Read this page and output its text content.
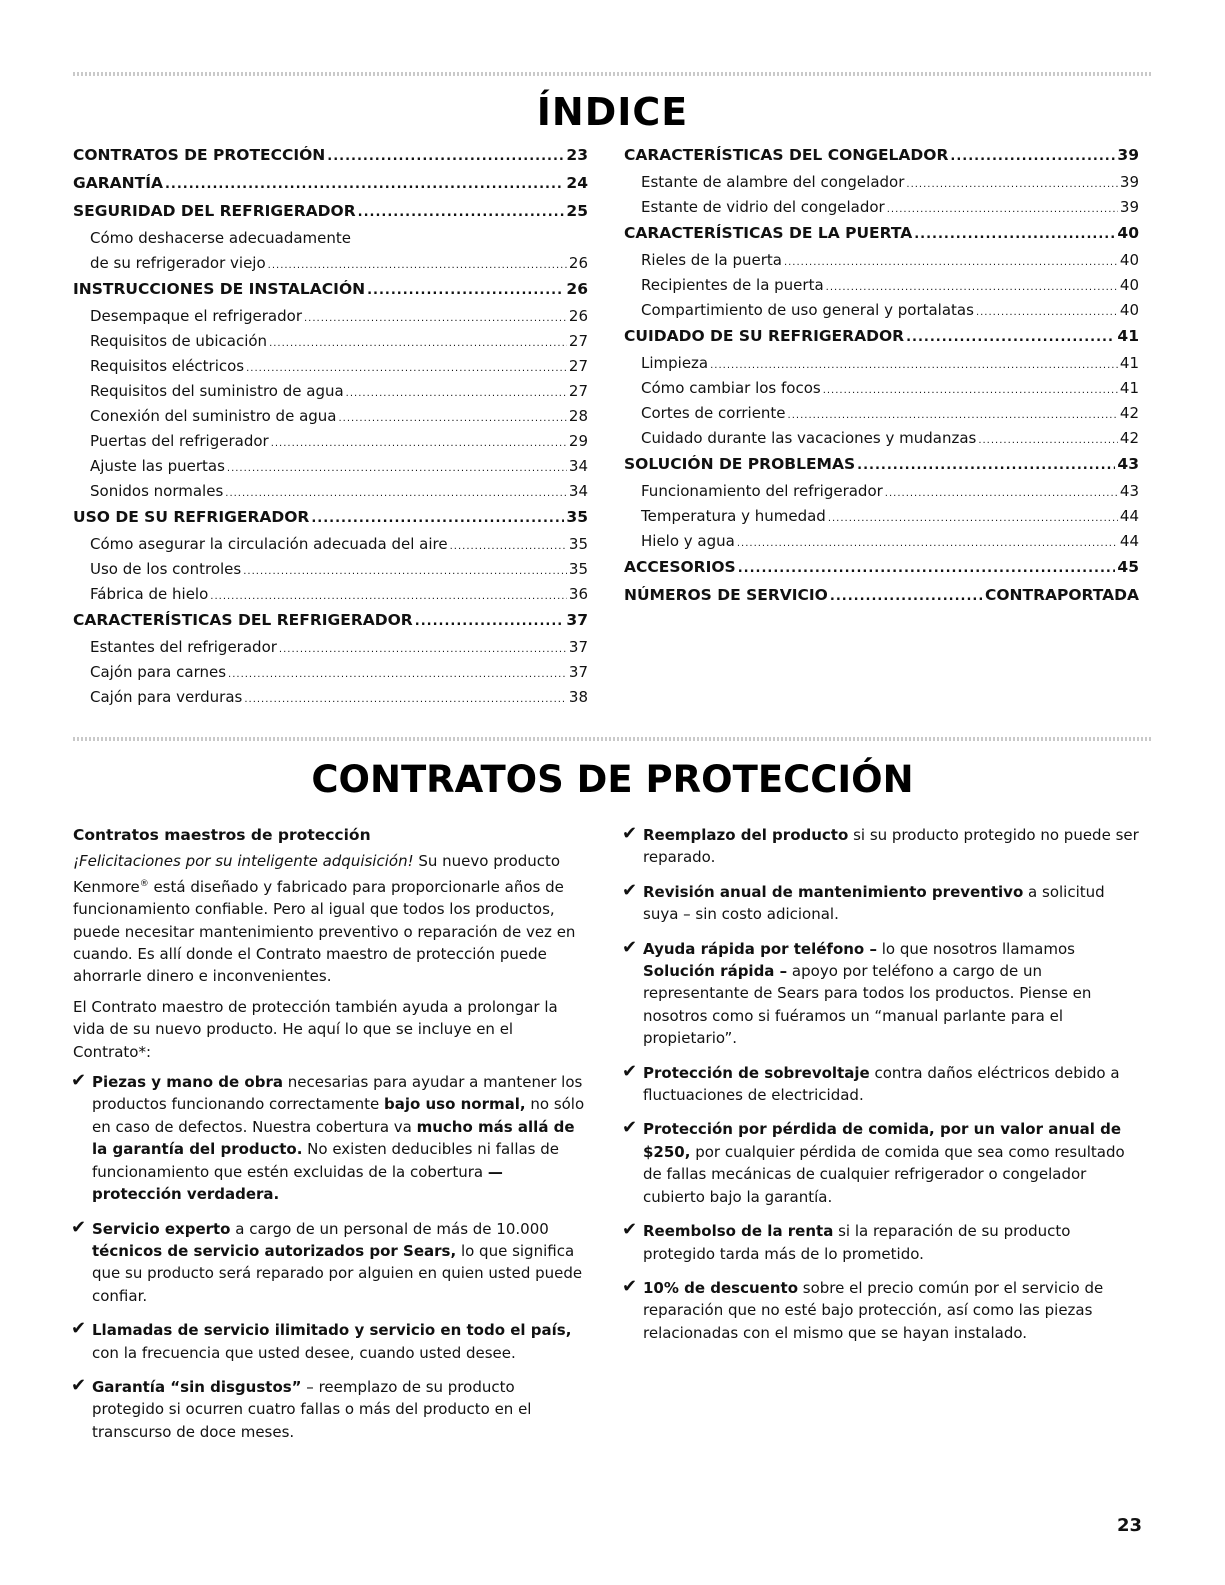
ÍNDICE
CONTRATOS DE PROTECCIÓN .....	23
GARANTÍA .....	24
SEGURIDAD DEL REFRIGERADOR .....	25
Cómo deshacerse adecuadamente
de su refrigerador viejo .....	26
INSTRUCCIONES DE INSTALACIÓN .....	26
Desempaque el refrigerador .....	26
Requisitos de ubicación .....	27
Requisitos eléctricos .....	27
Requisitos del suministro de agua .....	27
Conexión del suministro de agua .....	28
Puertas del refrigerador .....	29
Ajuste las puertas .....	34
Sonidos normales .....	34
USO DE SU REFRIGERADOR .....	35
Cómo asegurar la circulación adecuada del aire .....	35
Uso de los controles .....	35
Fábrica de hielo .....	36
CARACTERÍSTICAS DEL REFRIGERADOR .....	37
Estantes del refrigerador .....	37
Cajón para carnes .....	37
Cajón para verduras .....	38
CARACTERÍSTICAS DEL CONGELADOR .....	39
Estante de alambre del congelador .....	39
Estante de vidrio del congelador .....	39
CARACTERÍSTICAS DE LA PUERTA .....	40
Rieles de la puerta .....	40
Recipientes de la puerta .....	40
Compartimiento de uso general y portalatas .....	40
CUIDADO DE SU REFRIGERADOR .....	41
Limpieza .....	41
Cómo cambiar los focos .....	41
Cortes de corriente .....	42
Cuidado durante las vacaciones y mudanzas .....	42
SOLUCIÓN DE PROBLEMAS .....	43
Funcionamiento del refrigerador .....	43
Temperatura y humedad .....	44
Hielo y agua .....	44
ACCESORIOS .....	45
NÚMEROS DE SERVICIO .....	CONTRAPORTADA
CONTRATOS DE PROTECCIÓN
Contratos maestros de protección

¡Felicitaciones por su inteligente adquisición! Su nuevo producto Kenmore® está diseñado y fabricado para proporcionarle años de funcionamiento confiable. Pero al igual que todos los productos, puede necesitar mantenimiento preventivo o reparación de vez en cuando. Es allí donde el Contrato maestro de protección puede ahorrarle dinero e inconvenientes.

El Contrato maestro de protección también ayuda a prolongar la vida de su nuevo producto. He aquí lo que se incluye en el Contrato*:

✔ Piezas y mano de obra necesarias para ayudar a mantener los productos funcionando correctamente bajo uso normal, no sólo en caso de defectos. Nuestra cobertura va mucho más allá de la garantía del producto. No existen deducibles ni fallas de funcionamiento que estén excluidas de la cobertura — protección verdadera.
✔ Servicio experto a cargo de un personal de más de 10.000 técnicos de servicio autorizados por Sears, lo que significa que su producto será reparado por alguien en quien usted puede confiar.
✔ Llamadas de servicio ilimitado y servicio en todo el país, con la frecuencia que usted desee, cuando usted desee.
✔ Garantía “sin disgustos” – reemplazo de su producto protegido si ocurren cuatro fallas o más del producto en el transcurso de doce meses.
✔ Reemplazo del producto si su producto protegido no puede ser reparado.
✔ Revisión anual de mantenimiento preventivo a solicitud suya – sin costo adicional.
✔ Ayuda rápida por teléfono – lo que nosotros llamamos Solución rápida – apoyo por teléfono a cargo de un representante de Sears para todos los productos. Piense en nosotros como si fuéramos un “manual parlante para el propietario”.
✔ Protección de sobrevoltaje contra daños eléctricos debido a fluctuaciones de electricidad.
✔ Protección por pérdida de comida, por un valor anual de $250, por cualquier pérdida de comida que sea como resultado de fallas mecánicas de cualquier refrigerador o congelador cubierto bajo la garantía.
✔ Reembolso de la renta si la reparación de su producto protegido tarda más de lo prometido.
✔ 10% de descuento sobre el precio común por el servicio de reparación que no esté bajo protección, así como las piezas relacionadas con el mismo que se hayan instalado.
23
